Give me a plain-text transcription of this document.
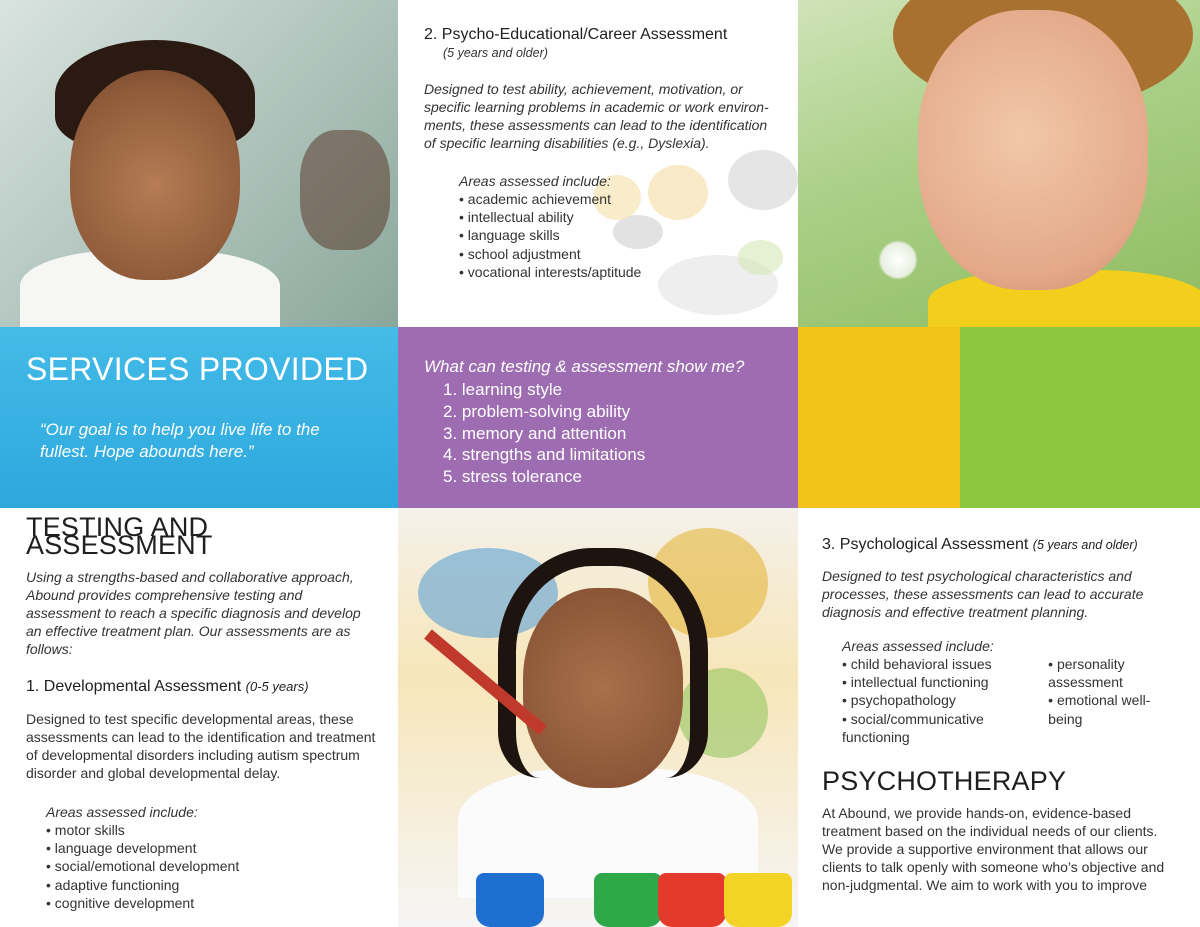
2. Psycho-Educational/Career Assessment
(5 years and older)
Designed to test ability, achievement, motivation, or specific learning problems in academic or work environ-ments, these assessments can lead to the identification of specific learning disabilities (e.g., Dyslexia).
Areas assessed include:
• academic achievement
• intellectual ability
• language skills
• school adjustment
• vocational interests/aptitude
SERVICES PROVIDED
“Our goal is to help you live life to the fullest. Hope abounds here.”
What can testing & assessment show me?
1. learning style
2. problem-solving ability
3. memory and attention
4. strengths and limitations
5. stress tolerance
TESTING AND ASSESSMENT
Using a strengths-based and collaborative approach, Abound provides comprehensive testing and assessment to reach a specific diagnosis and develop an effective treatment plan. Our assessments are as follows:
1. Developmental Assessment (0-5 years)
Designed to test specific developmental areas, these assessments can lead to the identification and treatment of developmental disorders including autism spectrum disorder and global developmental delay.
Areas assessed include:
• motor skills
• language development
• social/emotional development
• adaptive functioning
• cognitive development
3. Psychological Assessment (5 years and older)
Designed to test psychological characteristics and processes, these assessments can lead to accurate diagnosis and effective treatment planning.
Areas assessed include:
• child behavioral issues
• intellectual functioning
• psychopathology
• social/communicative functioning
• personality assessment
• emotional well-being
PSYCHOTHERAPY
At Abound, we provide hands-on, evidence-based treatment based on the individual needs of our clients. We provide a supportive environment that allows our clients to talk openly with someone who’s objective and non-judgmental. We aim to work with you to improve
